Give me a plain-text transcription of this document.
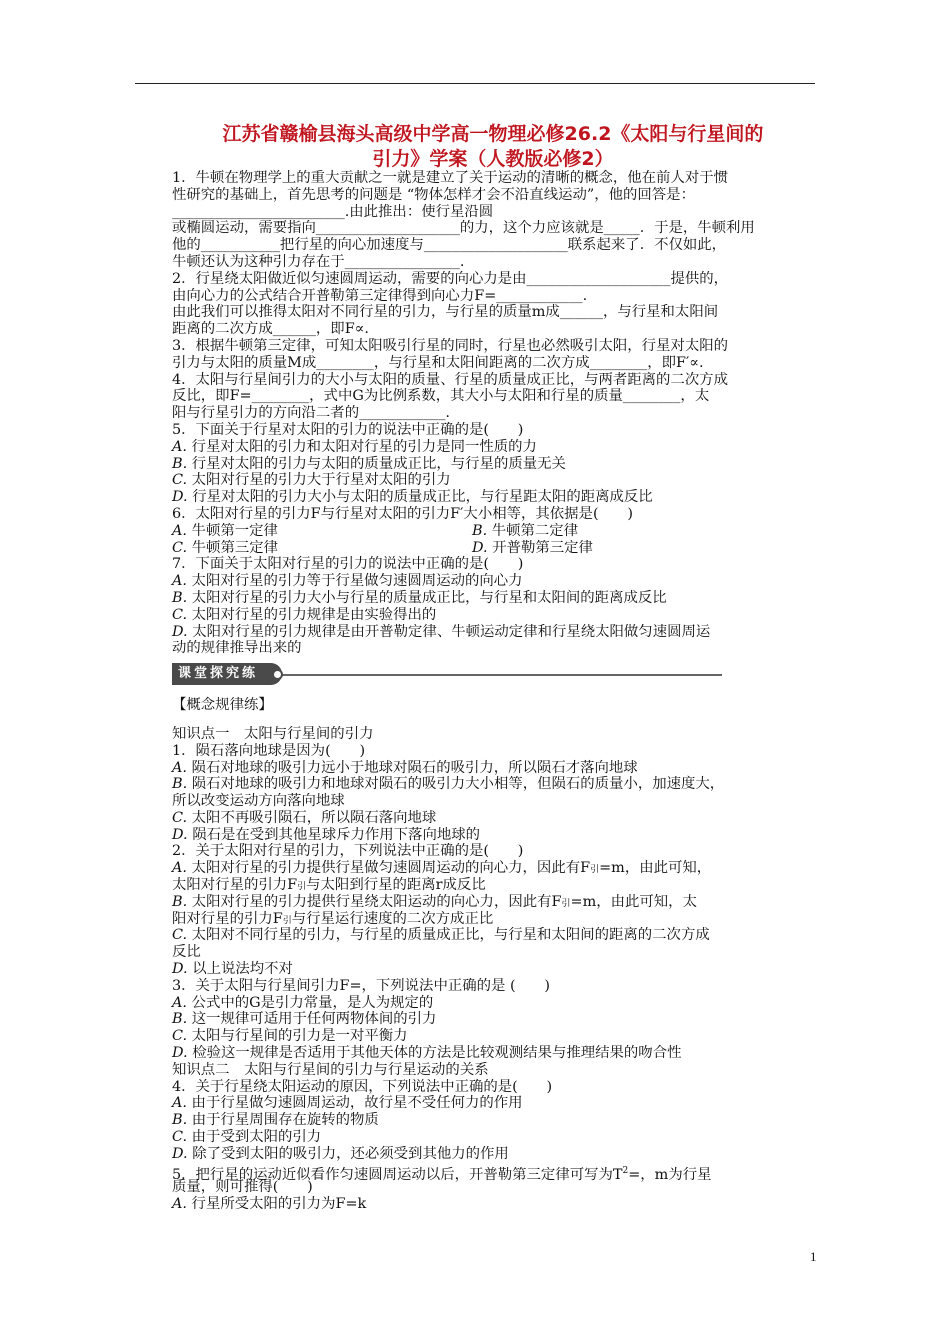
江苏省赣榆县海头高级中学高一物理必修26.2《太阳与行星间的
引力》学案（人教版必修2）
1．牛顿在物理学上的重大贡献之一就是建立了关于运动的清晰的概念，他在前人对于惯
性研究的基础上，首先思考的问题是 “物体怎样才会不沿直线运动”，他的回答是：
________________________.由此推出：使行星沿圆
或椭圆运动，需要指向____________________的力，这个力应该就是_____．于是，牛顿利用
他的___________把行星的向心加速度与____________________联系起来了．不仅如此，
牛顿还认为这种引力存在于________________.
2．行星绕太阳做近似匀速圆周运动，需要的向心力是由____________________提供的，
由向心力的公式结合开普勒第三定律得到向心力F=____________.
由此我们可以推得太阳对不同行星的引力，与行星的质量m成______，与行星和太阳间
距离的二次方成______，即F∝.
3．根据牛顿第三定律，可知太阳吸引行星的同时，行星也必然吸引太阳，行星对太阳的
引力与太阳的质量M成________，与行星和太阳间距离的二次方成________，即F′∝.
4．太阳与行星间引力的大小与太阳的质量、行星的质量成正比，与两者距离的二次方成
反比，即F=________，式中G为比例系数，其大小与太阳和行星的质量________，太
阳与行星引力的方向沿二者的____________.
5．下面关于行星对太阳的引力的说法中正确的是(　　)
A. 行星对太阳的引力和太阳对行星的引力是同一性质的力
B. 行星对太阳的引力与太阳的质量成正比，与行星的质量无关
C. 太阳对行星的引力大于行星对太阳的引力
D. 行星对太阳的引力大小与太阳的质量成正比，与行星距太阳的距离成反比
6．太阳对行星的引力F与行星对太阳的引力F′大小相等，其依据是(　　)
A. 牛顿第一定律	B. 牛顿第二定律
C. 牛顿第三定律	D. 开普勒第三定律
7．下面关于太阳对行星的引力的说法中正确的是(　　)
A. 太阳对行星的引力等于行星做匀速圆周运动的向心力
B. 太阳对行星的引力大小与行星的质量成正比，与行星和太阳间的距离成反比
C. 太阳对行星的引力规律是由实验得出的
D. 太阳对行星的引力规律是由开普勒定律、牛顿运动定律和行星绕太阳做匀速圆周运
动的规律推导出来的
课堂探究练
【概念规律练】
知识点一　太阳与行星间的引力
1．陨石落向地球是因为(　　)
A. 陨石对地球的吸引力远小于地球对陨石的吸引力，所以陨石才落向地球
B. 陨石对地球的吸引力和地球对陨石的吸引力大小相等，但陨石的质量小，加速度大，
所以改变运动方向落向地球
C. 太阳不再吸引陨石，所以陨石落向地球
D. 陨石是在受到其他星球斥力作用下落向地球的
2．关于太阳对行星的引力，下列说法中正确的是(　　)
A. 太阳对行星的引力提供行星做匀速圆周运动的向心力，因此有F引=m，由此可知，
太阳对行星的引力F引与太阳到行星的距离r成反比
B. 太阳对行星的引力提供行星绕太阳运动的向心力，因此有F引=m，由此可知，太
阳对行星的引力F引与行星运行速度的二次方成正比
C. 太阳对不同行星的引力，与行星的质量成正比，与行星和太阳间的距离的二次方成
反比
D. 以上说法均不对
3．关于太阳与行星间引力F=，下列说法中正确的是 (　　)
A. 公式中的G是引力常量，是人为规定的
B. 这一规律可适用于任何两物体间的引力
C. 太阳与行星间的引力是一对平衡力
D. 检验这一规律是否适用于其他天体的方法是比较观测结果与推理结果的吻合性
知识点二　太阳与行星间的引力与行星运动的关系
4．关于行星绕太阳运动的原因，下列说法中正确的是(　　)
A. 由于行星做匀速圆周运动，故行星不受任何力的作用
B. 由于行星周围存在旋转的物质
C. 由于受到太阳的引力
D. 除了受到太阳的吸引力，还必须受到其他力的作用
5．把行星的运动近似看作匀速圆周运动以后，开普勒第三定律可写为$T^2=$，m为行星
质量，则可推得(　　)
A. 行星所受太阳的引力为F=k
1
